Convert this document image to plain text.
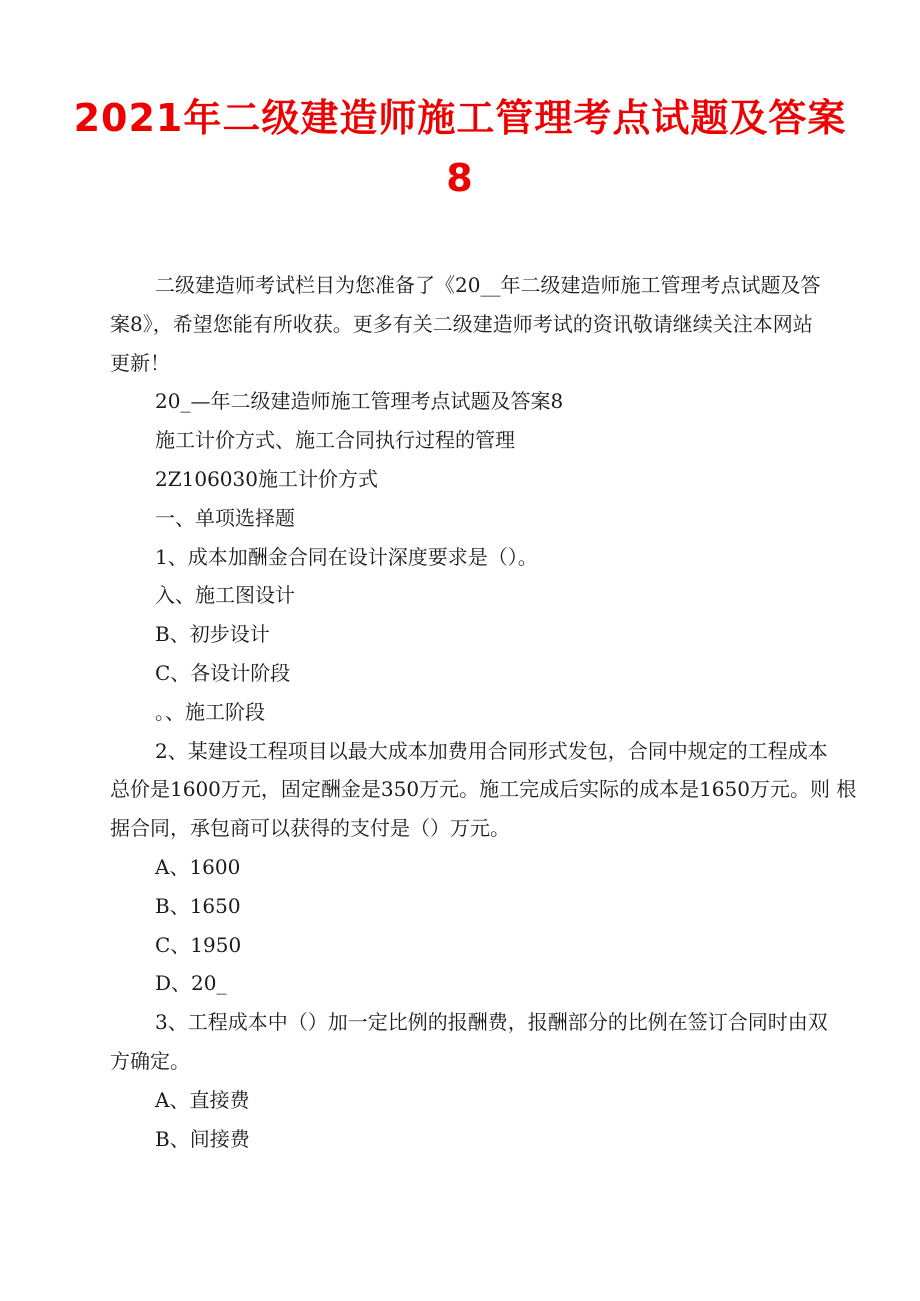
2021年二级建造师施工管理考点试题及答案
8
二级建造师考试栏目为您准备了《20__年二级建造师施工管理考点试题及答
案8》，希望您能有所收获。更多有关二级建造师考试的资讯敬请继续关注本网站
更新！
20_—年二级建造师施工管理考点试题及答案8
施工计价方式、施工合同执行过程的管理
2Z106030施工计价方式
一、单项选择题
1、成本加酬金合同在设计深度要求是（）。
入、施工图设计
B、初步设计
C、各设计阶段
。、施工阶段
2、某建设工程项目以最大成本加费用合同形式发包，合同中规定的工程成本
总价是1600万元，固定酬金是350万元。施工完成后实际的成本是1650万元。则 根
据合同，承包商可以获得的支付是（）万元。
A、1600
B、1650
C、1950
D、20_
3、工程成本中（）加一定比例的报酬费，报酬部分的比例在签订合同时由双
方确定。
A、直接费
B、间接费
